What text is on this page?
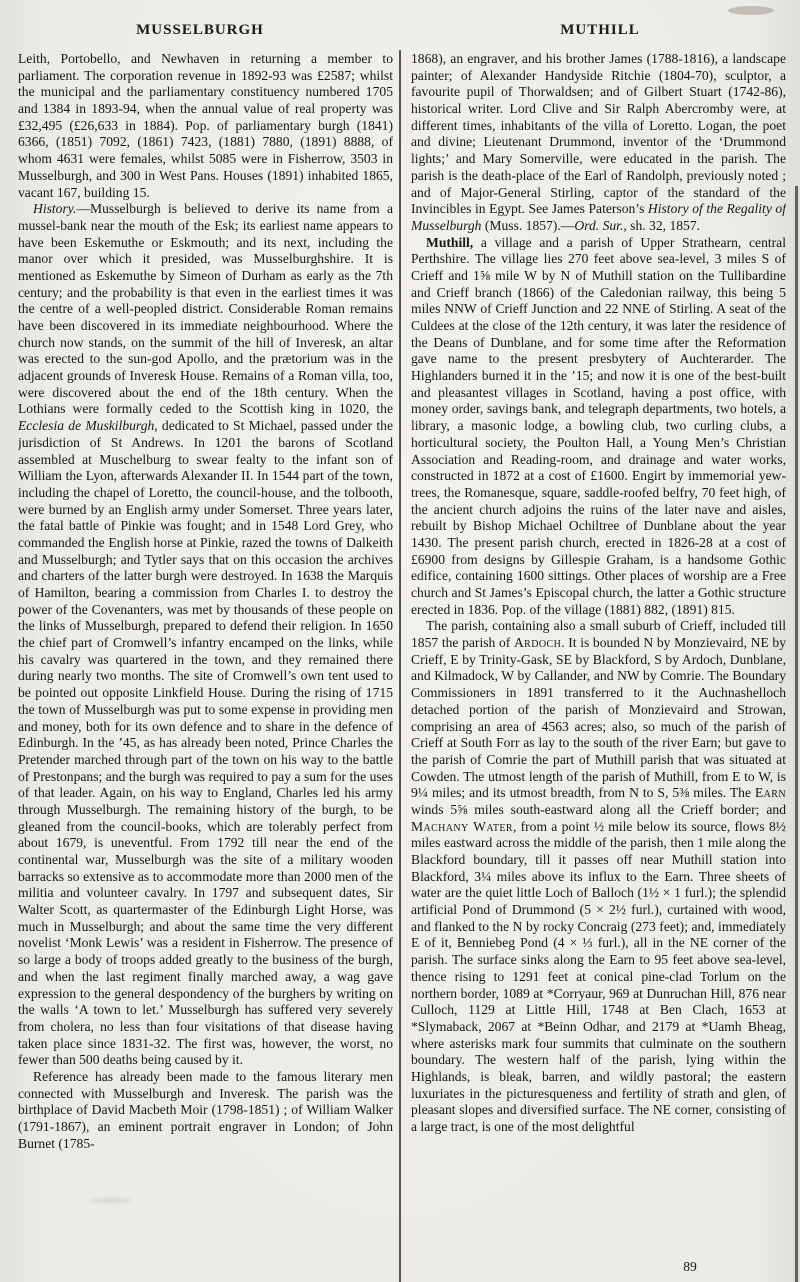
MUSSELBURGH	MUTHILL

Leith, Portobello, and Newhaven in returning a member to parliament. The corporation revenue in 1892-93 was £2587; whilst the municipal and the parliamentary constituency numbered 1705 and 1384 in 1893-94, when the annual value of real property was £32,495 (£26,633 in 1884). Pop. of parliamentary burgh (1841) 6366, (1851) 7092, (1861) 7423, (1881) 7880, (1891) 8888, of whom 4631 were females, whilst 5085 were in Fisherrow, 3503 in Musselburgh, and 300 in West Pans. Houses (1891) inhabited 1865, vacant 167, building 15.

History.—Musselburgh is believed to derive its name from a mussel-bank near the mouth of the Esk; its earliest name appears to have been Eskemuthe or Eskmouth; and its next, including the manor over which it presided, was Musselburghshire. It is mentioned as Eskemuthe by Simeon of Durham as early as the 7th century; and the probability is that even in the earliest times it was the centre of a well-peopled district. Considerable Roman remains have been discovered in its immediate neighbourhood. Where the church now stands, on the summit of the hill of Inveresk, an altar was erected to the sun-god Apollo, and the prætorium was in the adjacent grounds of Inveresk House. Remains of a Roman villa, too, were discovered about the end of the 18th century. When the Lothians were formally ceded to the Scottish king in 1020, the Ecclesia de Muskilburgh, dedicated to St Michael, passed under the jurisdiction of St Andrews. In 1201 the barons of Scotland assembled at Muschelburg to swear fealty to the infant son of William the Lyon, afterwards Alexander II. In 1544 part of the town, including the chapel of Loretto, the council-house, and the tolbooth, were burned by an English army under Somerset. Three years later, the fatal battle of Pinkie was fought; and in 1548 Lord Grey, who commanded the English horse at Pinkie, razed the towns of Dalkeith and Musselburgh; and Tytler says that on this occasion the archives and charters of the latter burgh were destroyed. In 1638 the Marquis of Hamilton, bearing a commission from Charles I. to destroy the power of the Covenanters, was met by thousands of these people on the links of Musselburgh, prepared to defend their religion. In 1650 the chief part of Cromwell’s infantry encamped on the links, while his cavalry was quartered in the town, and they remained there during nearly two months. The site of Cromwell’s own tent used to be pointed out opposite Linkfield House. During the rising of 1715 the town of Musselburgh was put to some expense in providing men and money, both for its own defence and to share in the defence of Edinburgh. In the ’45, as has already been noted, Prince Charles the Pretender marched through part of the town on his way to the battle of Prestonpans; and the burgh was required to pay a sum for the uses of that leader. Again, on his way to England, Charles led his army through Musselburgh. The remaining history of the burgh, to be gleaned from the council-books, which are tolerably perfect from about 1679, is uneventful. From 1792 till near the end of the continental war, Musselburgh was the site of a military wooden barracks so extensive as to accommodate more than 2000 men of the militia and volunteer cavalry. In 1797 and subsequent dates, Sir Walter Scott, as quartermaster of the Edinburgh Light Horse, was much in Musselburgh; and about the same time the very different novelist ‘Monk Lewis’ was a resident in Fisherrow. The presence of so large a body of troops added greatly to the business of the burgh, and when the last regiment finally marched away, a wag gave expression to the general despondency of the burghers by writing on the walls ‘A town to let.’ Musselburgh has suffered very severely from cholera, no less than four visitations of that disease having taken place since 1831-32. The first was, however, the worst, no fewer than 500 deaths being caused by it.

Reference has already been made to the famous literary men connected with Musselburgh and Inveresk. The parish was the birthplace of David Macbeth Moir (1798-1851) ; of William Walker (1791-1867), an eminent portrait engraver in London; of John Burnet (1785-

1868), an engraver, and his brother James (1788-1816), a landscape painter; of Alexander Handyside Ritchie (1804-70), sculptor, a favourite pupil of Thorwaldsen; and of Gilbert Stuart (1742-86), historical writer. Lord Clive and Sir Ralph Abercromby were, at different times, inhabitants of the villa of Loretto. Logan, the poet and divine; Lieutenant Drummond, inventor of the ‘Drummond lights;’ and Mary Somerville, were educated in the parish. The parish is the death-place of the Earl of Randolph, previously noted ; and of Major-General Stirling, captor of the standard of the Invincibles in Egypt. See James Paterson’s History of the Regality of Musselburgh (Muss. 1857).—Ord. Sur., sh. 32, 1857.

Muthill, a village and a parish of Upper Strathearn, central Perthshire. The village lies 270 feet above sea-level, 3 miles S of Crieff and 1⅝ mile W by N of Muthill station on the Tullibardine and Crieff branch (1866) of the Caledonian railway, this being 5 miles NNW of Crieff Junction and 22 NNE of Stirling. A seat of the Culdees at the close of the 12th century, it was later the residence of the Deans of Dunblane, and for some time after the Reformation gave name to the present presbytery of Auchterarder. The Highlanders burned it in the ’15; and now it is one of the best-built and pleasantest villages in Scotland, having a post office, with money order, savings bank, and telegraph departments, two hotels, a library, a masonic lodge, a bowling club, two curling clubs, a horticultural society, the Poulton Hall, a Young Men’s Christian Association and Reading-room, and drainage and water works, constructed in 1872 at a cost of £1600. Engirt by immemorial yew-trees, the Romanesque, square, saddle-roofed belfry, 70 feet high, of the ancient church adjoins the ruins of the later nave and aisles, rebuilt by Bishop Michael Ochiltree of Dunblane about the year 1430. The present parish church, erected in 1826-28 at a cost of £6900 from designs by Gillespie Graham, is a handsome Gothic edifice, containing 1600 sittings. Other places of worship are a Free church and St James’s Episcopal church, the latter a Gothic structure erected in 1836. Pop. of the village (1881) 882, (1891) 815.

The parish, containing also a small suburb of Crieff, included till 1857 the parish of Ardoch. It is bounded N by Monzievaird, NE by Crieff, E by Trinity-Gask, SE by Blackford, S by Ardoch, Dunblane, and Kilmadock, W by Callander, and NW by Comrie. The Boundary Commissioners in 1891 transferred to it the Auchnashelloch detached portion of the parish of Monzievaird and Strowan, comprising an area of 4563 acres; also, so much of the parish of Crieff at South Forr as lay to the south of the river Earn; but gave to the parish of Comrie the part of Muthill parish that was situated at Cowden. The utmost length of the parish of Muthill, from E to W, is 9¼ miles; and its utmost breadth, from N to S, 5⅜ miles. The Earn winds 5⅝ miles south-eastward along all the Crieff border; and Machany Water, from a point ½ mile below its source, flows 8½ miles eastward across the middle of the parish, then 1 mile along the Blackford boundary, till it passes off near Muthill station into Blackford, 3¼ miles above its influx to the Earn. Three sheets of water are the quiet little Loch of Balloch (1½ × 1 furl.); the splendid artificial Pond of Drummond (5 × 2½ furl.), curtained with wood, and flanked to the N by rocky Concraig (273 feet); and, immediately E of it, Benniebeg Pond (4 × ⅓ furl.), all in the NE corner of the parish. The surface sinks along the Earn to 95 feet above sea-level, thence rising to 1291 feet at conical pine-clad Torlum on the northern border, 1089 at *Corryaur, 969 at Dunruchan Hill, 876 near Culloch, 1129 at Little Hill, 1748 at Ben Clach, 1653 at *Slymaback, 2067 at *Beinn Odhar, and 2179 at *Uamh Bheag, where asterisks mark four summits that culminate on the southern boundary. The western half of the parish, lying within the Highlands, is bleak, barren, and wildly pastoral; the eastern luxuriates in the picturesqueness and fertility of strath and glen, of pleasant slopes and diversified surface. The NE corner, consisting of a large tract, is one of the most delightful

89
